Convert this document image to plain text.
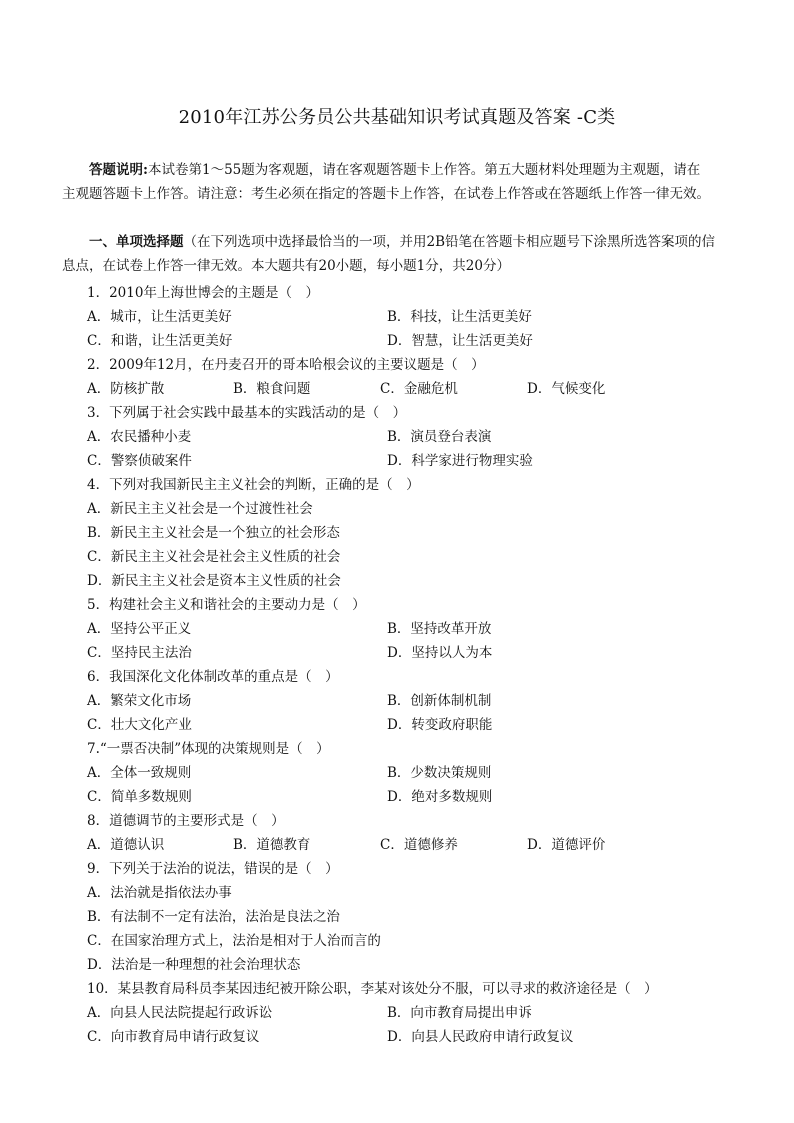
2010年江苏公务员公共基础知识考试真题及答案 -C类
答题说明:本试卷第1～55题为客观题，请在客观题答题卡上作答。第五大题材料处理题为主观题，请在
主观题答题卡上作答。请注意：考生必须在指定的答题卡上作答，在试卷上作答或在答题纸上作答一律无效。
一、单项选择题（在下列选项中选择最恰当的一项，并用2B铅笔在答题卡相应题号下涂黑所选答案项的信
息点，在试卷上作答一律无效。本大题共有20小题，每小题1分，共20分）
1．2010年上海世博会的主题是（　）
A．城市，让生活更美好	B．科技，让生活更美好
C．和谐，让生活更美好	D．智慧，让生活更美好
2．2009年12月，在丹麦召开的哥本哈根会议的主要议题是（　）
A．防核扩散	B．粮食问题	C．金融危机	D．气候变化
3．下列属于社会实践中最基本的实践活动的是（　）
A．农民播种小麦	B．演员登台表演
C．警察侦破案件	D．科学家进行物理实验
4．下列对我国新民主主义社会的判断，正确的是（　）
A．新民主主义社会是一个过渡性社会
B．新民主主义社会是一个独立的社会形态
C．新民主主义社会是社会主义性质的社会
D．新民主主义社会是资本主义性质的社会
5．构建社会主义和谐社会的主要动力是（　）
A．坚持公平正义	B．坚持改革开放
C．坚持民主法治	D．坚持以人为本
6．我国深化文化体制改革的重点是（　）
A．繁荣文化市场	B．创新体制机制
C．壮大文化产业	D．转变政府职能
7.“一票否决制”体现的决策规则是（　）
A．全体一致规则	B．少数决策规则
C．简单多数规则	D．绝对多数规则
8．道德调节的主要形式是（　）
A．道德认识	B．道德教育	C．道德修养	D．道德评价
9．下列关于法治的说法，错误的是（　）
A．法治就是指依法办事
B．有法制不一定有法治，法治是良法之治
C．在国家治理方式上，法治是相对于人治而言的
D．法治是一种理想的社会治理状态
10．某县教育局科员李某因违纪被开除公职，李某对该处分不服，可以寻求的救济途径是（　）
A．向县人民法院提起行政诉讼	B．向市教育局提出申诉
C．向市教育局申请行政复议	D．向县人民政府申请行政复议
